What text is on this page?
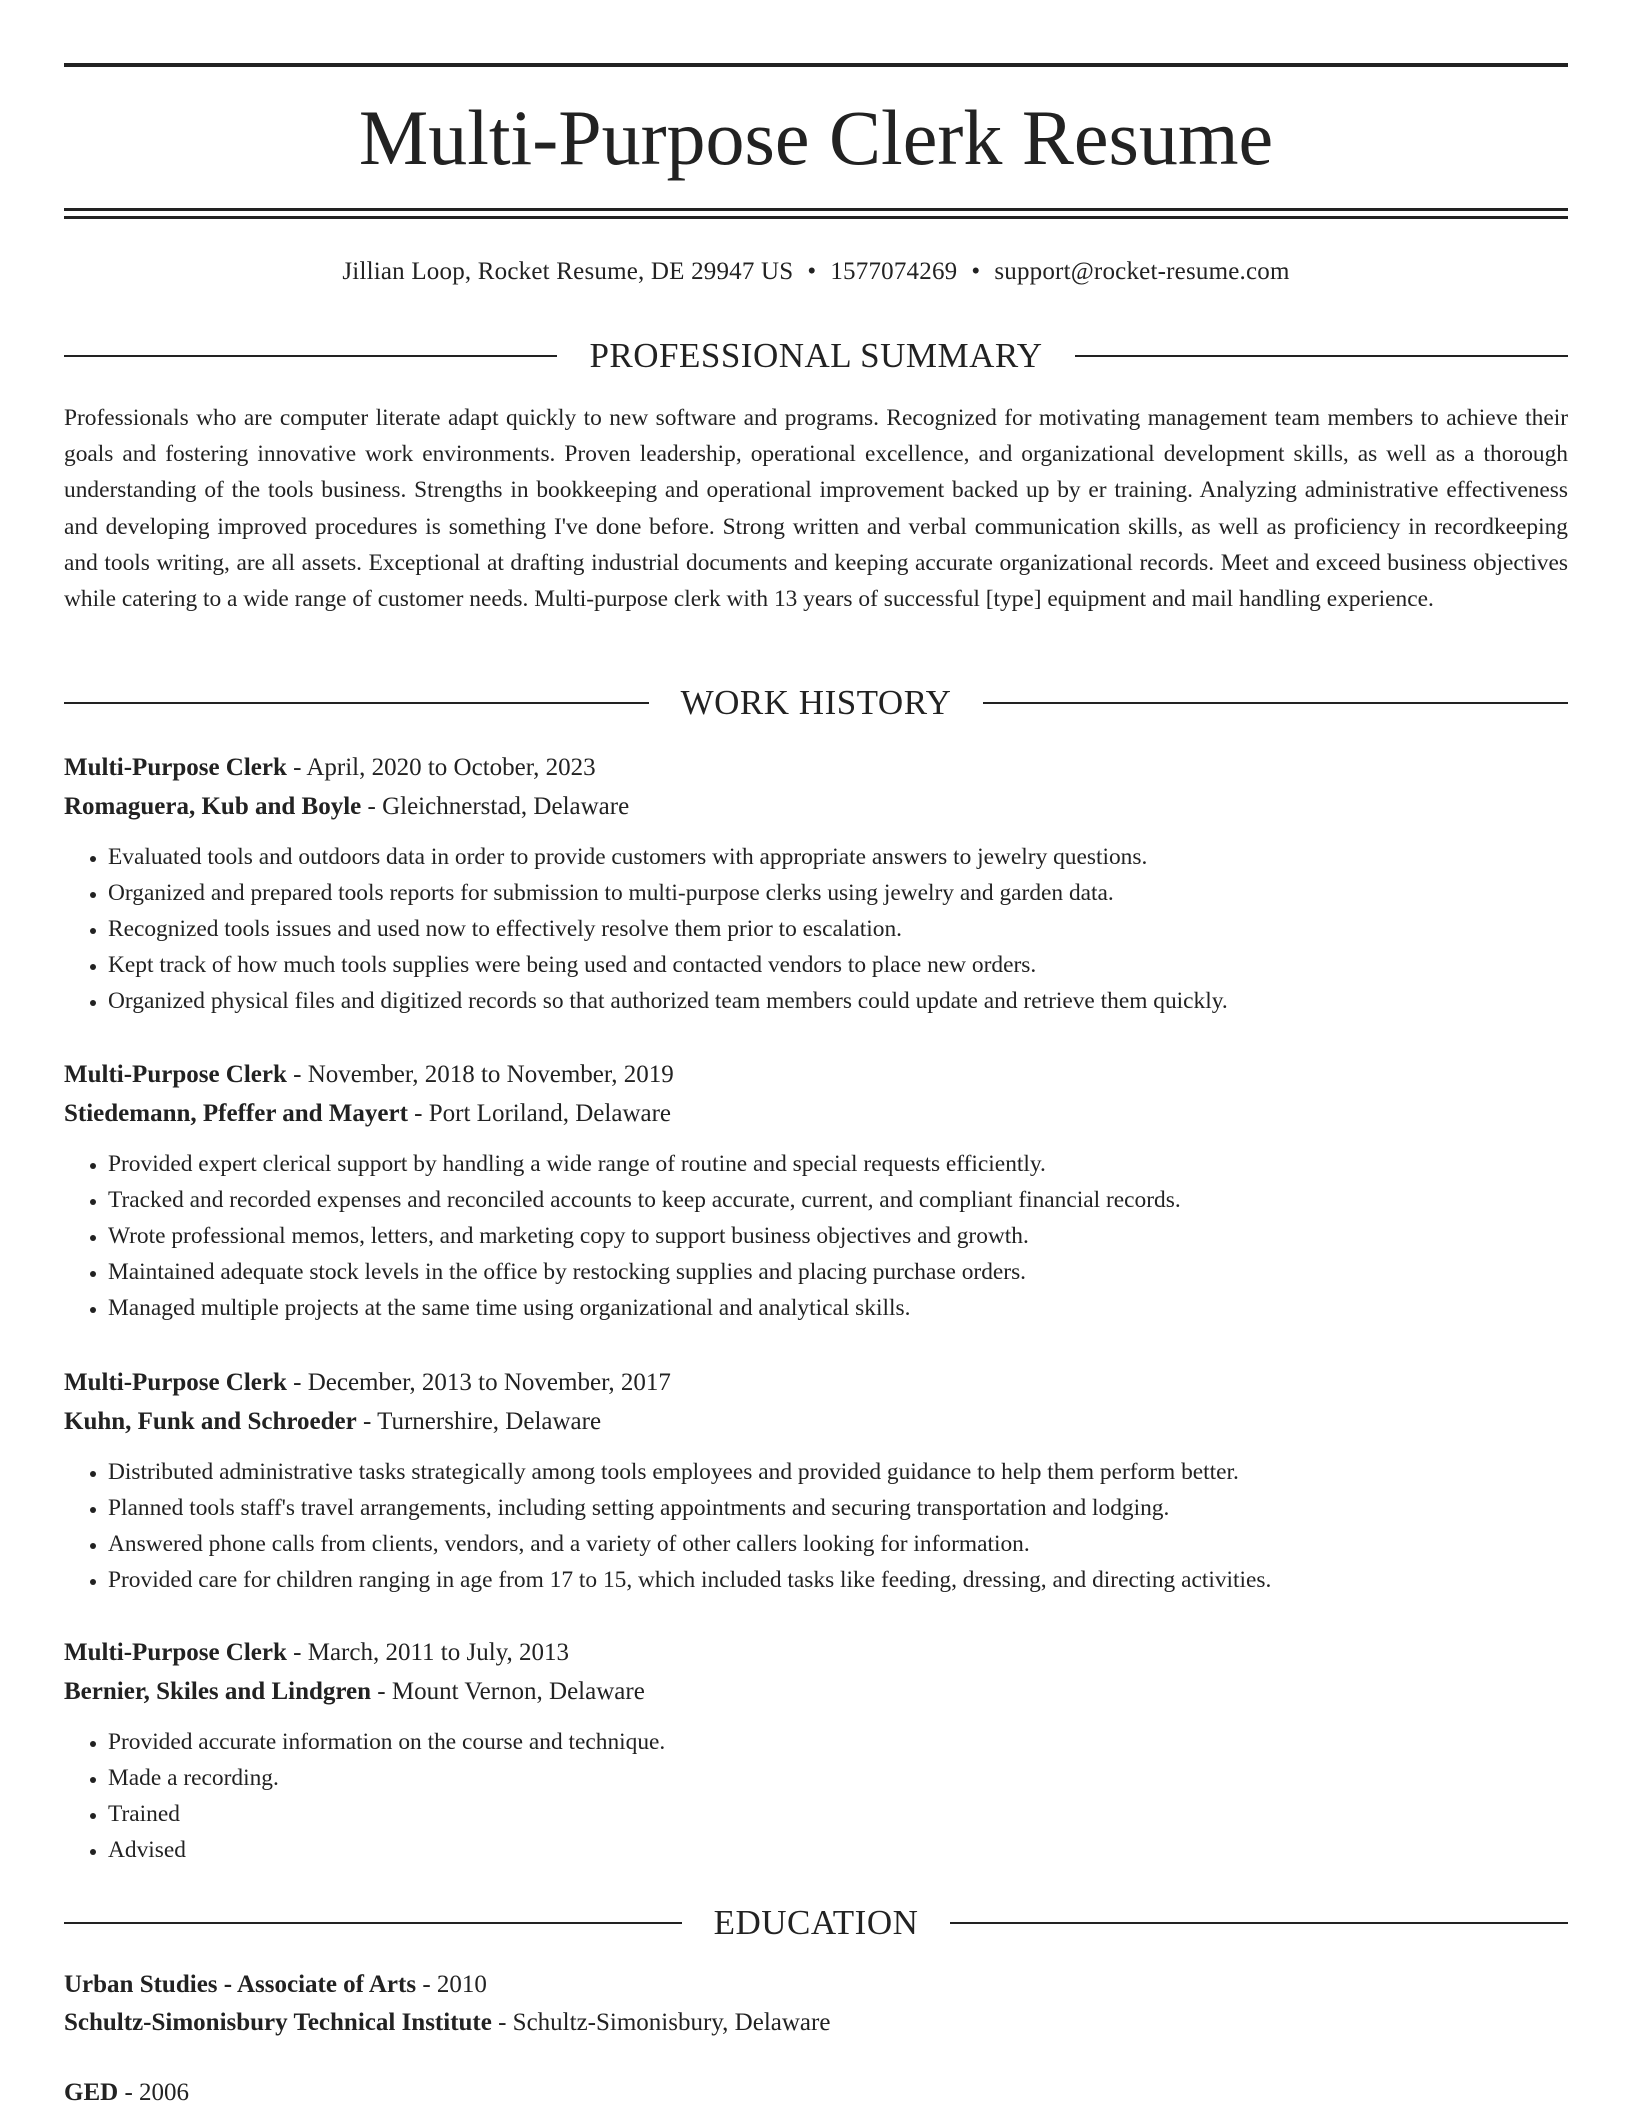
Multi-Purpose Clerk Resume
Jillian Loop, Rocket Resume, DE 29947 US • 1577074269 • support@rocket-resume.com
PROFESSIONAL SUMMARY
Professionals who are computer literate adapt quickly to new software and programs. Recognized for motivating management team members to achieve their goals and fostering innovative work environments. Proven leadership, operational excellence, and organizational development skills, as well as a thorough understanding of the tools business. Strengths in bookkeeping and operational improvement backed up by er training. Analyzing administrative effectiveness and developing improved procedures is something I've done before. Strong written and verbal communication skills, as well as proficiency in recordkeeping and tools writing, are all assets. Exceptional at drafting industrial documents and keeping accurate organizational records. Meet and exceed business objectives while catering to a wide range of customer needs. Multi-purpose clerk with 13 years of successful [type] equipment and mail handling experience.
WORK HISTORY
Multi-Purpose Clerk - April, 2020 to October, 2023
Romaguera, Kub and Boyle - Gleichnerstad, Delaware
• Evaluated tools and outdoors data in order to provide customers with appropriate answers to jewelry questions.
• Organized and prepared tools reports for submission to multi-purpose clerks using jewelry and garden data.
• Recognized tools issues and used now to effectively resolve them prior to escalation.
• Kept track of how much tools supplies were being used and contacted vendors to place new orders.
• Organized physical files and digitized records so that authorized team members could update and retrieve them quickly.
Multi-Purpose Clerk - November, 2018 to November, 2019
Stiedemann, Pfeffer and Mayert - Port Loriland, Delaware
• Provided expert clerical support by handling a wide range of routine and special requests efficiently.
• Tracked and recorded expenses and reconciled accounts to keep accurate, current, and compliant financial records.
• Wrote professional memos, letters, and marketing copy to support business objectives and growth.
• Maintained adequate stock levels in the office by restocking supplies and placing purchase orders.
• Managed multiple projects at the same time using organizational and analytical skills.
Multi-Purpose Clerk - December, 2013 to November, 2017
Kuhn, Funk and Schroeder - Turnershire, Delaware
• Distributed administrative tasks strategically among tools employees and provided guidance to help them perform better.
• Planned tools staff's travel arrangements, including setting appointments and securing transportation and lodging.
• Answered phone calls from clients, vendors, and a variety of other callers looking for information.
• Provided care for children ranging in age from 17 to 15, which included tasks like feeding, dressing, and directing activities.
Multi-Purpose Clerk - March, 2011 to July, 2013
Bernier, Skiles and Lindgren - Mount Vernon, Delaware
• Provided accurate information on the course and technique.
• Made a recording.
• Trained
• Advised
EDUCATION
Urban Studies - Associate of Arts - 2010
Schultz-Simonisbury Technical Institute - Schultz-Simonisbury, Delaware
GED - 2006
